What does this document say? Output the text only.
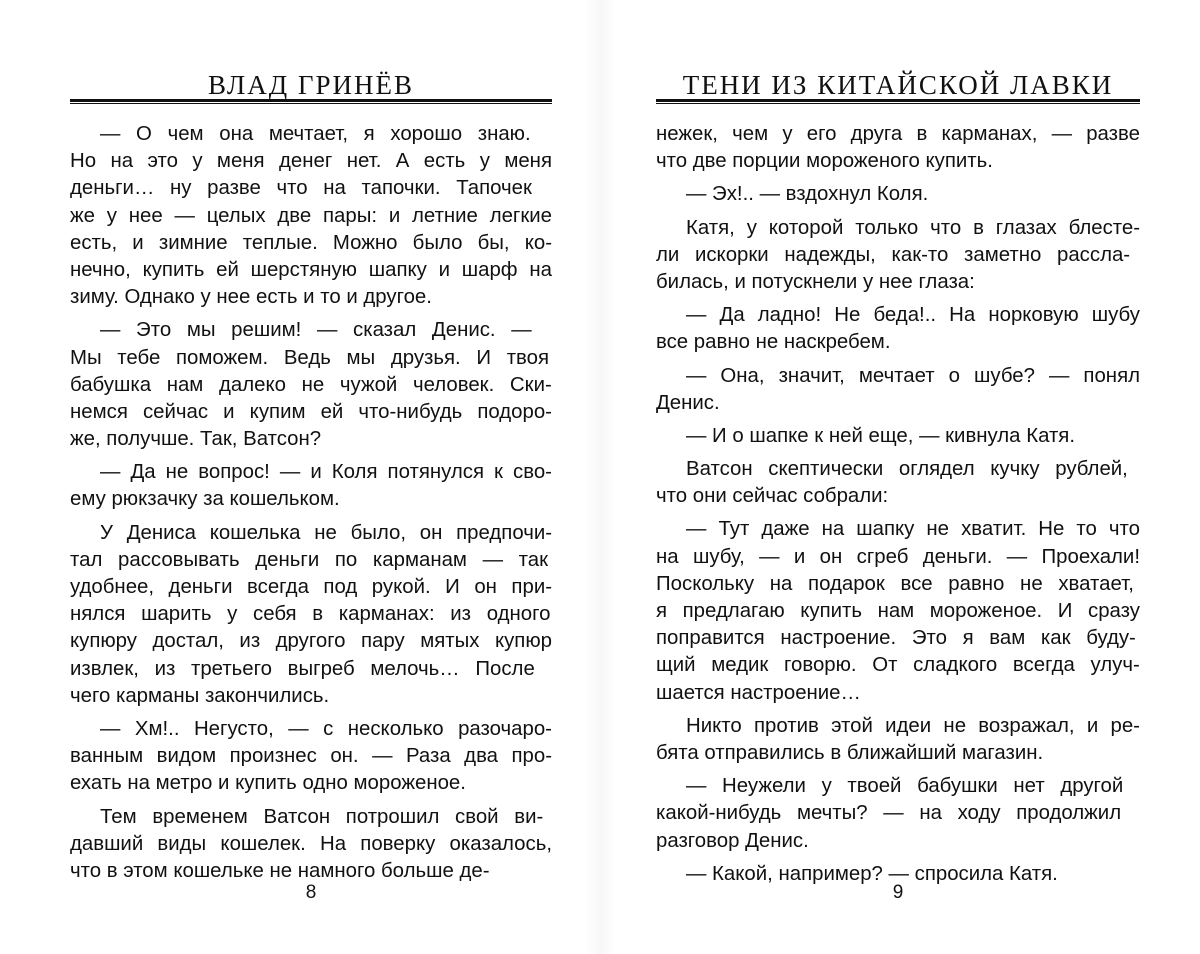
ВЛАД ГРИНЁВ
— О чем она мечтает, я хорошо знаю.
Но на это у меня денег нет. А есть у меня
деньги… ну разве что на тапочки. Тапочек
же у нее — целых две пары: и летние легкие
есть, и зимние теплые. Можно было бы, ко-
нечно, купить ей шерстяную шапку и шарф на
зиму. Однако у нее есть и то и другое.
— Это мы решим! — сказал Денис. —
Мы тебе поможем. Ведь мы друзья. И твоя
бабушка нам далеко не чужой человек. Ски-
немся сейчас и купим ей что-нибудь подоро-
же, получше. Так, Ватсон?
— Да не вопрос! — и Коля потянулся к сво-
ему рюкзачку за кошельком.
У Дениса кошелька не было, он предпочи-
тал рассовывать деньги по карманам — так
удобнее, деньги всегда под рукой. И он при-
нялся шарить у себя в карманах: из одного
купюру достал, из другого пару мятых купюр
извлек, из третьего выгреб мелочь… После
чего карманы закончились.
— Хм!.. Негусто, — с несколько разочаро-
ванным видом произнес он. — Раза два про-
ехать на метро и купить одно мороженое.
Тем временем Ватсон потрошил свой ви-
давший виды кошелек. На поверку оказалось,
что в этом кошельке не намного больше де-
8
ТЕНИ ИЗ КИТАЙСКОЙ ЛАВКИ
нежек, чем у его друга в карманах, — разве
что две порции мороженого купить.
— Эх!.. — вздохнул Коля.
Катя, у которой только что в глазах блесте-
ли искорки надежды, как-то заметно рассла-
билась, и потускнели у нее глаза:
— Да ладно! Не беда!.. На норковую шубу
все равно не наскребем.
— Она, значит, мечтает о шубе? — понял
Денис.
— И о шапке к ней еще, — кивнула Катя.
Ватсон скептически оглядел кучку рублей,
что они сейчас собрали:
— Тут даже на шапку не хватит. Не то что
на шубу, — и он сгреб деньги. — Проехали!
Поскольку на подарок все равно не хватает,
я предлагаю купить нам мороженое. И сразу
поправится настроение. Это я вам как буду-
щий медик говорю. От сладкого всегда улуч-
шается настроение…
Никто против этой идеи не возражал, и ре-
бята отправились в ближайший магазин.
— Неужели у твоей бабушки нет другой
какой-нибудь мечты? — на ходу продолжил
разговор Денис.
— Какой, например? — спросила Катя.
9
